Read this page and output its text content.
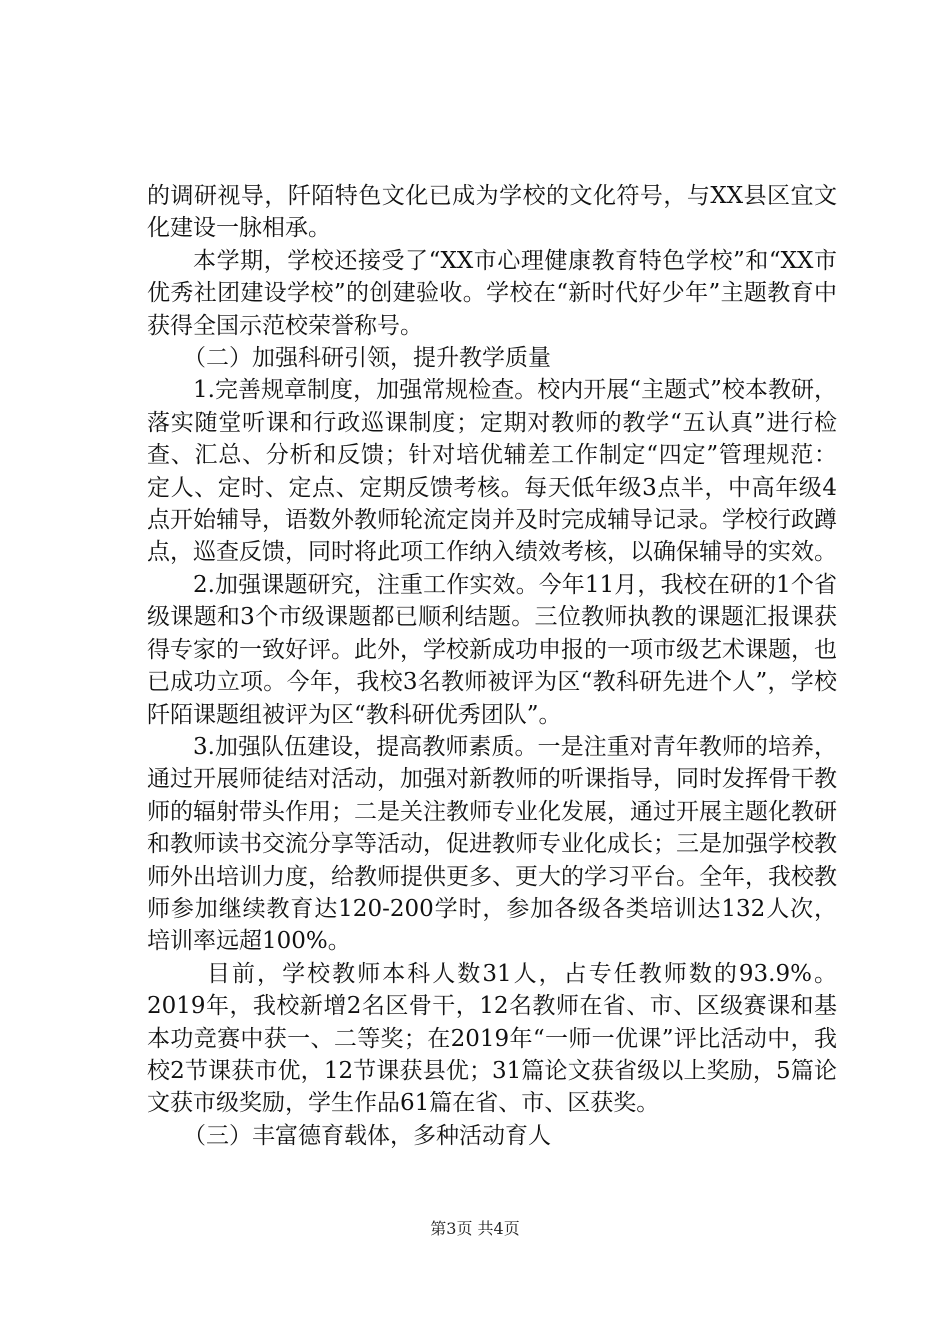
的调研视导，阡陌特色文化已成为学校的文化符号，与XX县区宜文化建设一脉相承。

本学期，学校还接受了“XX市心理健康教育特色学校”和“XX市优秀社团建设学校”的创建验收。学校在“新时代好少年”主题教育中获得全国示范校荣誉称号。

（二）加强科研引领，提升教学质量

1.完善规章制度，加强常规检查。校内开展“主题式”校本教研，落实随堂听课和行政巡课制度；定期对教师的教学“五认真”进行检查、汇总、分析和反馈；针对培优辅差工作制定“四定”管理规范：定人、定时、定点、定期反馈考核。每天低年级3点半，中高年级4点开始辅导，语数外教师轮流定岗并及时完成辅导记录。学校行政蹲点，巡查反馈，同时将此项工作纳入绩效考核，以确保辅导的实效。

2.加强课题研究，注重工作实效。今年11月，我校在研的1个省级课题和3个市级课题都已顺利结题。三位教师执教的课题汇报课获得专家的一致好评。此外，学校新成功申报的一项市级艺术课题，也已成功立项。今年，我校3名教师被评为区“教科研先进个人”，学校阡陌课题组被评为区“教科研优秀团队”。

3.加强队伍建设，提高教师素质。一是注重对青年教师的培养，通过开展师徒结对活动，加强对新教师的听课指导，同时发挥骨干教师的辐射带头作用；二是关注教师专业化发展，通过开展主题化教研和教师读书交流分享等活动，促进教师专业化成长；三是加强学校教师外出培训力度，给教师提供更多、更大的学习平台。全年，我校教师参加继续教育达120-200学时，参加各级各类培训达132人次，培训率远超100%。

目前，学校教师本科人数31人，占专任教师数的93.9%。2019年，我校新增2名区骨干，12名教师在省、市、区级赛课和基本功竞赛中获一、二等奖；在2019年“一师一优课”评比活动中，我校2节课获市优，12节课获县优；31篇论文获省级以上奖励，5篇论文获市级奖励，学生作品61篇在省、市、区获奖。

（三）丰富德育载体，多种活动育人

第3页 共4页
